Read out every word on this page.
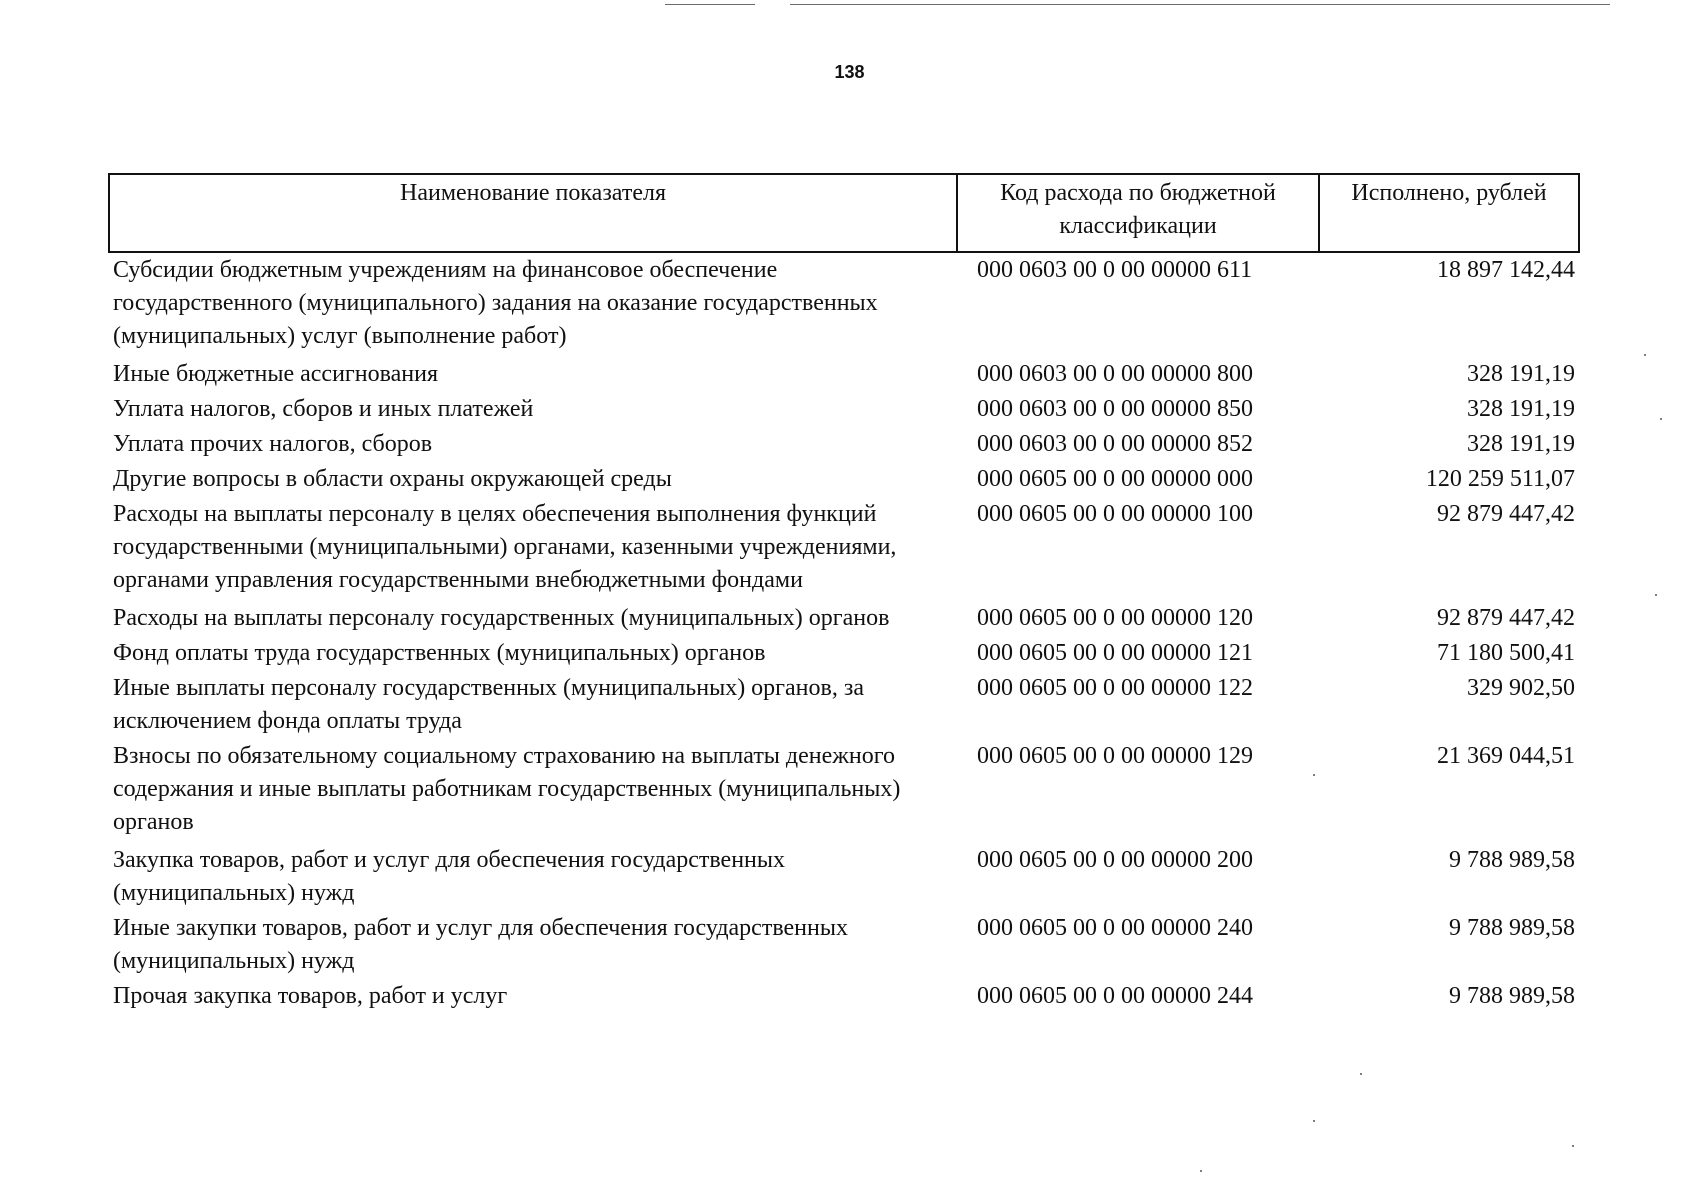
138
Наименование показателя	Код расхода по бюджетной классификации	Исполнено, рублей
Субсидии бюджетным учреждениям на финансовое обеспечение государственного (муниципального) задания на оказание государственных (муниципальных) услуг (выполнение работ)	000 0603 00 0 00 00000 611	18 897 142,44
Иные бюджетные ассигнования	000 0603 00 0 00 00000 800	328 191,19
Уплата налогов, сборов и иных платежей	000 0603 00 0 00 00000 850	328 191,19
Уплата прочих налогов, сборов	000 0603 00 0 00 00000 852	328 191,19
Другие вопросы в области охраны окружающей среды	000 0605 00 0 00 00000 000	120 259 511,07
Расходы на выплаты персоналу в целях обеспечения выполнения функций государственными (муниципальными) органами, казенными учреждениями, органами управления государственными внебюджетными фондами	000 0605 00 0 00 00000 100	92 879 447,42
Расходы на выплаты персоналу государственных (муниципальных) органов	000 0605 00 0 00 00000 120	92 879 447,42
Фонд оплаты труда государственных (муниципальных) органов	000 0605 00 0 00 00000 121	71 180 500,41
Иные выплаты персоналу государственных (муниципальных) органов, за исключением фонда оплаты труда	000 0605 00 0 00 00000 122	329 902,50
Взносы по обязательному социальному страхованию на выплаты денежного содержания и иные выплаты работникам государственных (муниципальных) органов	000 0605 00 0 00 00000 129	21 369 044,51
Закупка товаров, работ и услуг для обеспечения государственных (муниципальных) нужд	000 0605 00 0 00 00000 200	9 788 989,58
Иные закупки товаров, работ и услуг для обеспечения государственных (муниципальных) нужд	000 0605 00 0 00 00000 240	9 788 989,58
Прочая закупка товаров, работ и услуг	000 0605 00 0 00 00000 244	9 788 989,58
